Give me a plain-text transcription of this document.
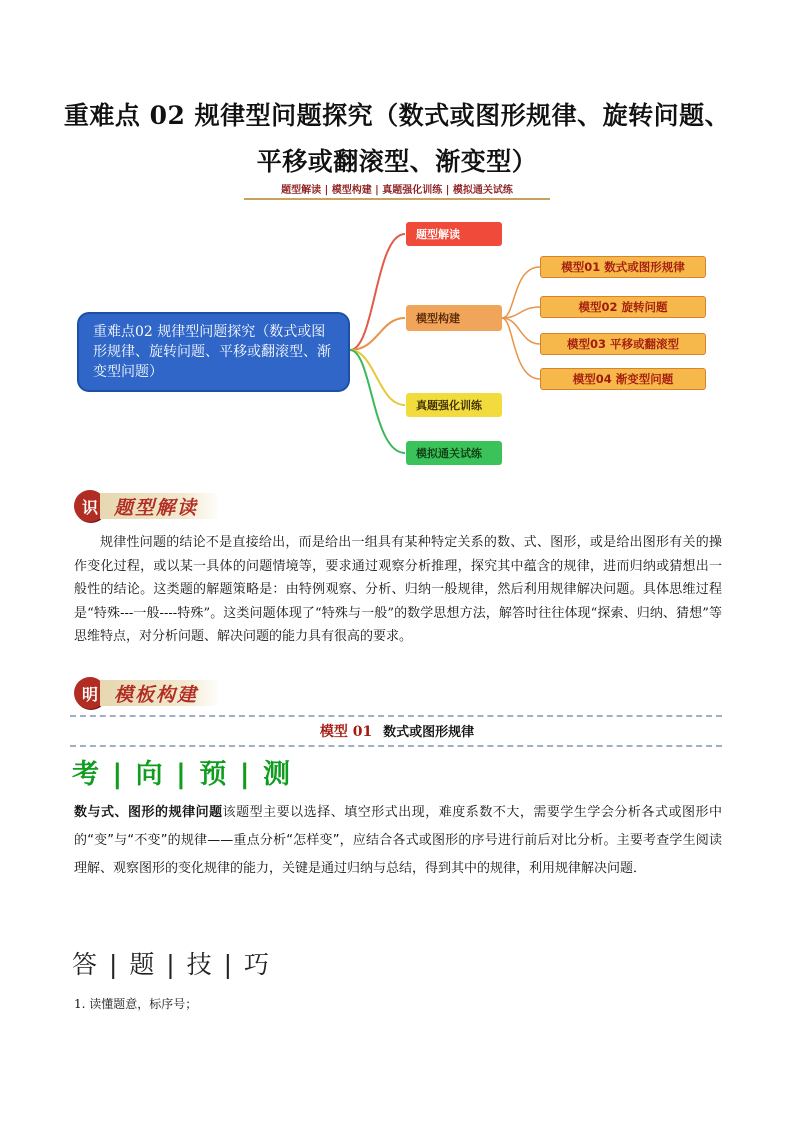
重难点 02 规律型问题探究（数式或图形规律、旋转问题、
平移或翻滚型、渐变型）
题型解读 | 模型构建 | 真题强化训练 | 模拟通关试练
重难点02 规律型问题探究（数式或图形规律、旋转问题、平移或翻滚型、渐变型问题）
题型解读
模型构建
真题强化训练
模拟通关试练
模型01 数式或图形规律
模型02 旋转问题
模型03 平移或翻滚型
模型04 渐变型问题
识 题型解读
规律性问题的结论不是直接给出，而是给出一组具有某种特定关系的数、式、图形，或是给出图形有关的操作变化过程，或以某一具体的问题情境等，要求通过观察分析推理，探究其中蕴含的规律，进而归纳或猜想出一般性的结论。这类题的解题策略是：由特例观察、分析、归纳一般规律，然后利用规律解决问题。具体思维过程是“特殊---一般----特殊”。这类问题体现了“特殊与一般”的数学思想方法，解答时往往体现“探索、归纳、猜想”等思维特点，对分析问题、解决问题的能力具有很高的要求。
明 模板构建
模型 01 数式或图形规律
考 | 向 | 预 | 测
数与式、图形的规律问题该题型主要以选择、填空形式出现，难度系数不大，需要学生学会分析各式或图形中的“变”与“不变”的规律——重点分析“怎样变”，应结合各式或图形的序号进行前后对比分析。主要考查学生阅读理解、观察图形的变化规律的能力，关键是通过归纳与总结，得到其中的规律，利用规律解决问题．
答 | 题 | 技 | 巧
1. 读懂题意，标序号；
